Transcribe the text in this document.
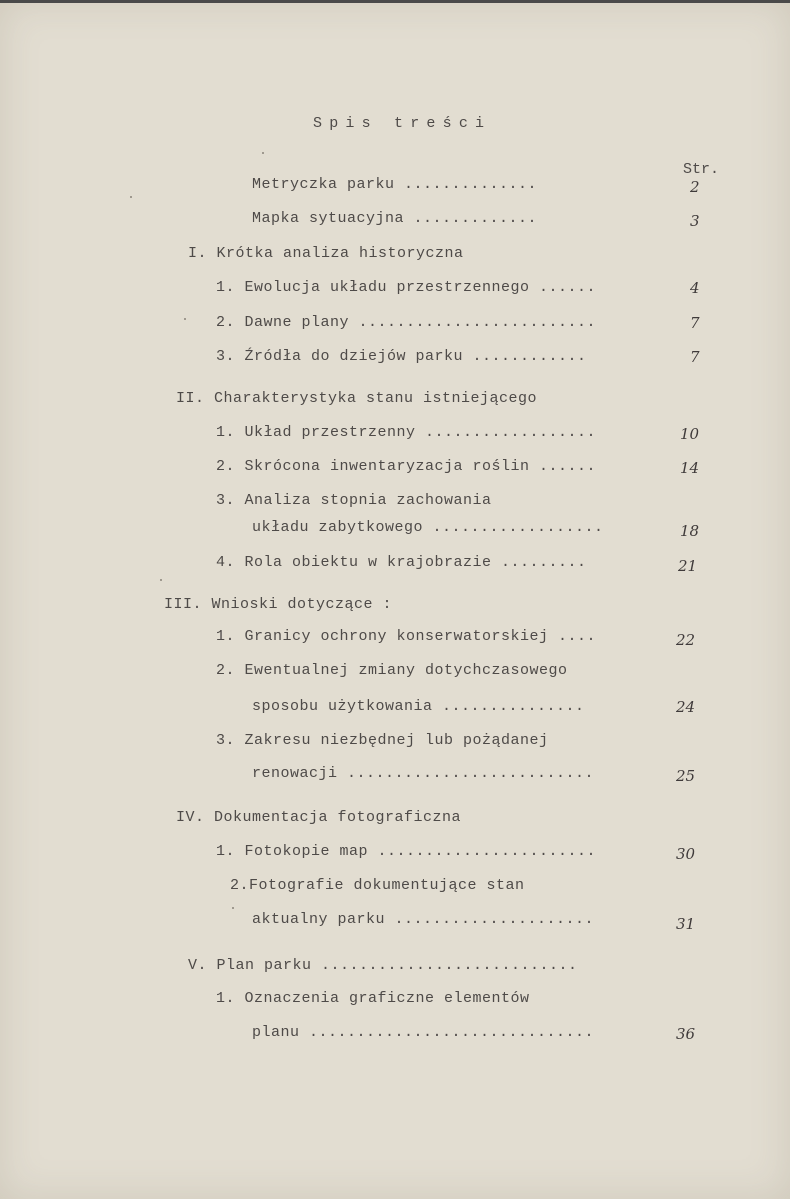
Spis treści
Str.
Metryczka parku ..............	2
Mapka sytuacyjna .............	3
I. Krótka analiza historyczna
1. Ewolucja układu przestrzennego ......	4
2. Dawne plany .........................	7
3. Źródła do dziejów parku ............	7
II. Charakterystyka stanu istniejącego
1. Układ przestrzenny ..................	10
2. Skrócona inwentaryzacja roślin ......	14
3. Analiza stopnia zachowania
układu zabytkowego ..................	18
4. Rola obiektu w krajobrazie .........	21
III. Wnioski dotyczące :
1. Granicy ochrony konserwatorskiej ....	22
2. Ewentualnej zmiany dotychczasowego
sposobu użytkowania ...............	24
3. Zakresu niezbędnej lub pożądanej
renowacji ..........................	25
IV. Dokumentacja fotograficzna
1. Fotokopie map .......................	30
2.Fotografie dokumentujące stan
aktualny parku .....................	31
V. Plan parku ...........................
1. Oznaczenia graficzne elementów
planu ..............................	36
